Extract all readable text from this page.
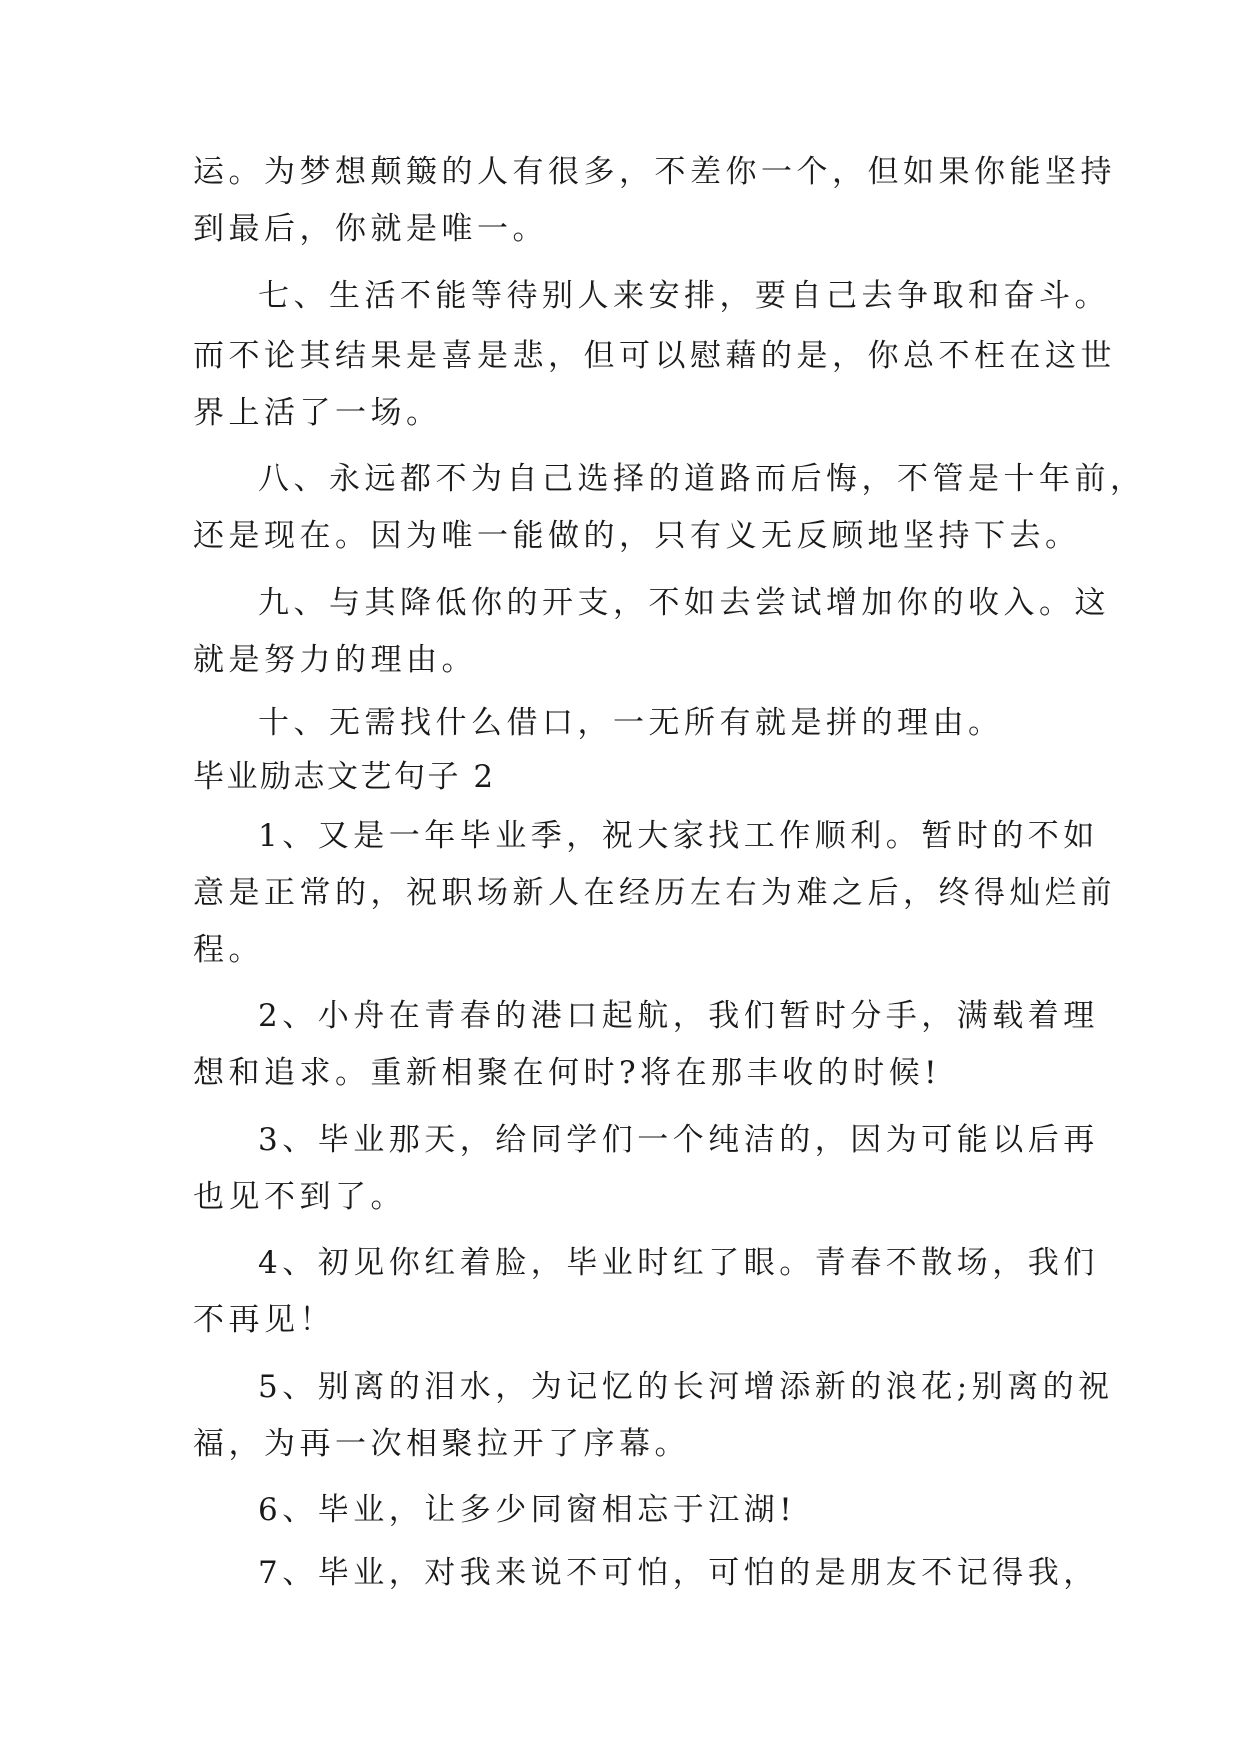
运。为梦想颠簸的人有很多，不差你一个，但如果你能坚持

到最后，你就是唯一。

七、生活不能等待别人来安排，要自己去争取和奋斗。

而不论其结果是喜是悲，但可以慰藉的是，你总不枉在这世

界上活了一场。

八、永远都不为自己选择的道路而后悔，不管是十年前，

还是现在。因为唯一能做的，只有义无反顾地坚持下去。

九、与其降低你的开支，不如去尝试增加你的收入。这

就是努力的理由。

十、无需找什么借口，一无所有就是拼的理由。

毕业励志文艺句子 2

1、又是一年毕业季，祝大家找工作顺利。暂时的不如

意是正常的，祝职场新人在经历左右为难之后，终得灿烂前

程。

2、小舟在青春的港口起航，我们暂时分手，满载着理

想和追求。重新相聚在何时?将在那丰收的时候!

3、毕业那天，给同学们一个纯洁的，因为可能以后再

也见不到了。

4、初见你红着脸，毕业时红了眼。青春不散场，我们

不再见！

5、别离的泪水，为记忆的长河增添新的浪花;别离的祝

福，为再一次相聚拉开了序幕。

6、毕业，让多少同窗相忘于江湖!

7、毕业，对我来说不可怕，可怕的是朋友不记得我，
